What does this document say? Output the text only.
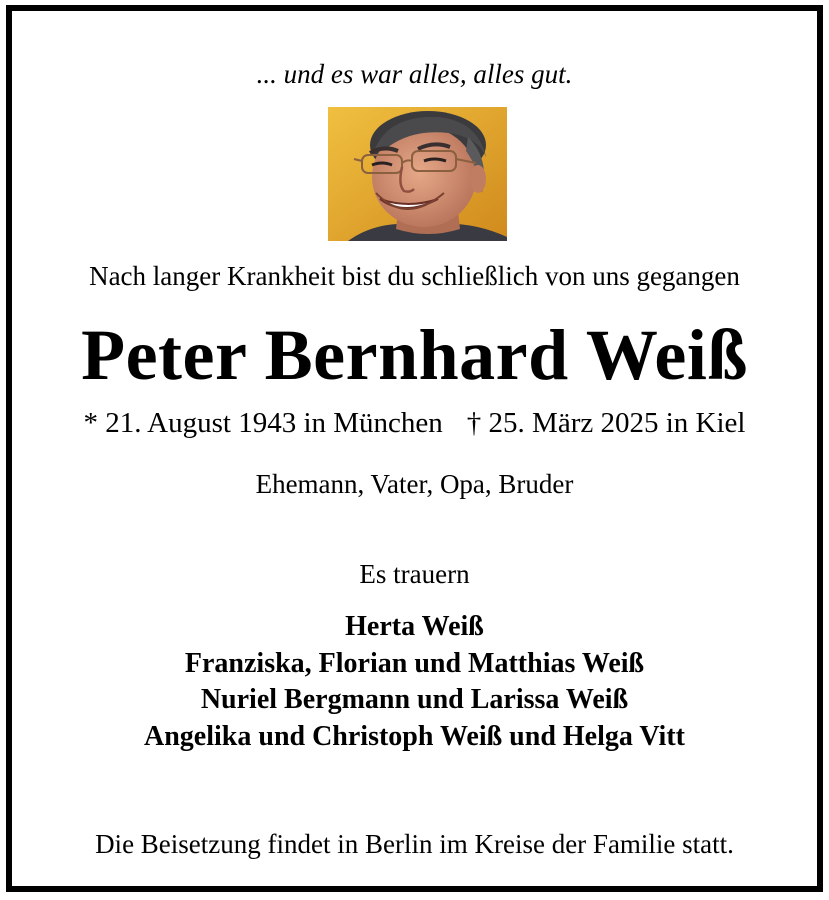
... und es war alles, alles gut.
Nach langer Krankheit bist du schließlich von uns gegangen
Peter Bernhard Weiß
* 21. August 1943 in München † 25. März 2025 in Kiel
Ehemann, Vater, Opa, Bruder
Es trauern
Herta Weiß
Franziska, Florian und Matthias Weiß
Nuriel Bergmann und Larissa Weiß
Angelika und Christoph Weiß und Helga Vitt
Die Beisetzung findet in Berlin im Kreise der Familie statt.
